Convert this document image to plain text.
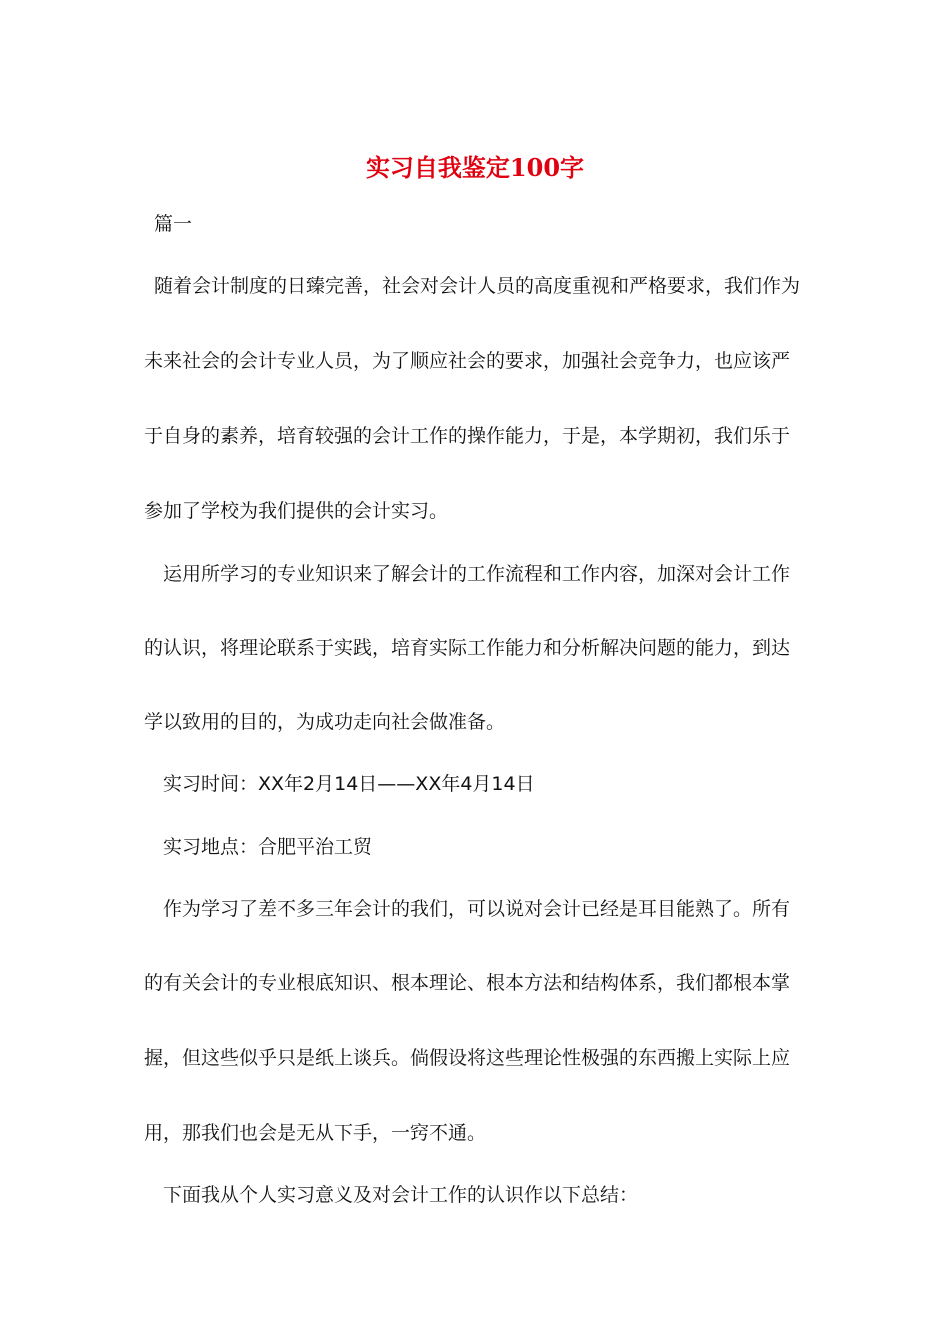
实习自我鉴定100字
篇一
随着会计制度的日臻完善，社会对会计人员的高度重视和严格要求，我们作为
未来社会的会计专业人员，为了顺应社会的要求，加强社会竞争力，也应该严
于自身的素养，培育较强的会计工作的操作能力，于是，本学期初，我们乐于
参加了学校为我们提供的会计实习。
运用所学习的专业知识来了解会计的工作流程和工作内容，加深对会计工作
的认识，将理论联系于实践，培育实际工作能力和分析解决问题的能力，到达
学以致用的目的，为成功走向社会做准备。
实习时间：XX年2月14日——XX年4月14日
实习地点：合肥平治工贸
作为学习了差不多三年会计的我们，可以说对会计已经是耳目能熟了。所有
的有关会计的专业根底知识、根本理论、根本方法和结构体系，我们都根本掌
握，但这些似乎只是纸上谈兵。倘假设将这些理论性极强的东西搬上实际上应
用，那我们也会是无从下手，一窍不通。
下面我从个人实习意义及对会计工作的认识作以下总结：
